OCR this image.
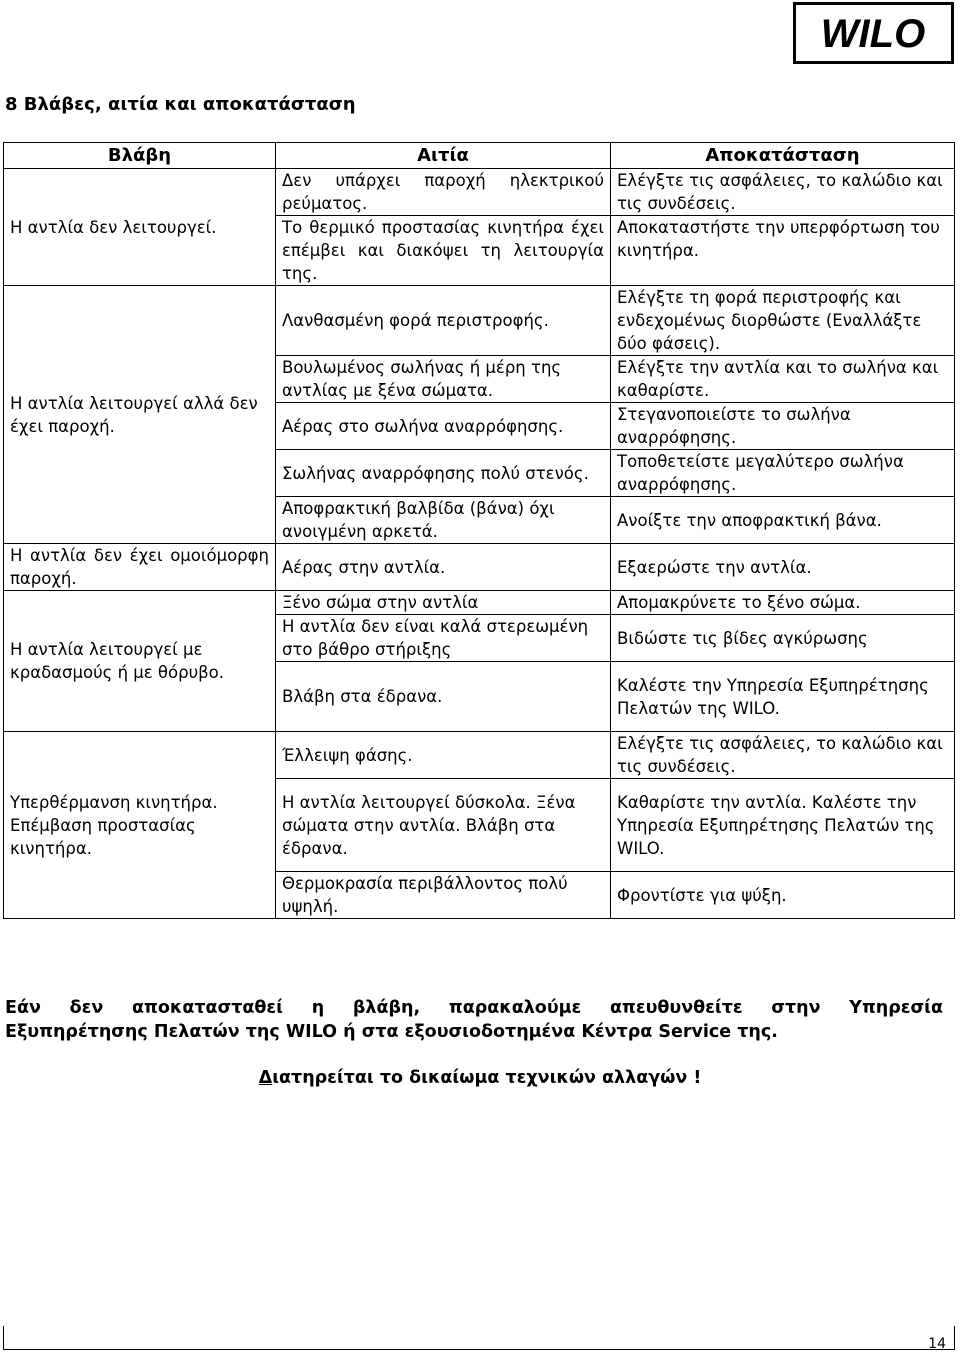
WILO
8 Βλάβες, αιτία και αποκατάσταση
Βλάβη	Αιτία	Αποκατάσταση
Η αντλία δεν λειτουργεί.	Δεν υπάρχει παροχή ηλεκτρικού ρεύματος.	Ελέγξτε τις ασφάλειες, το καλώδιο και τις συνδέσεις.
	Το θερμικό προστασίας κινητήρα έχει επέμβει και διακόψει τη λειτουργία της.	Αποκαταστήστε την υπερφόρτωση του κινητήρα.
Η αντλία λειτουργεί αλλά δεν έχει παροχή.	Λανθασμένη φορά περιστροφής.	Ελέγξτε τη φορά περιστροφής και ενδεχομένως διορθώστε (Εναλλάξτε δύο φάσεις).
	Βουλωμένος σωλήνας ή μέρη της αντλίας με ξένα σώματα.	Ελέγξτε την αντλία και το σωλήνα και καθαρίστε.
	Αέρας στο σωλήνα αναρρόφησης.	Στεγανοποιείστε το σωλήνα αναρρόφησης.
	Σωλήνας αναρρόφησης πολύ στενός.	Τοποθετείστε μεγαλύτερο σωλήνα αναρρόφησης.
	Αποφρακτική βαλβίδα (βάνα) όχι ανοιγμένη αρκετά.	Ανοίξτε την αποφρακτική βάνα.
Η αντλία δεν έχει ομοιόμορφη παροχή.	Αέρας στην αντλία.	Εξαερώστε την αντλία.
Η αντλία λειτουργεί με κραδασμούς ή με θόρυβο.	Ξένο σώμα στην αντλία	Απομακρύνετε το ξένο σώμα.
	Η αντλία δεν είναι καλά στερεωμένη στο βάθρο στήριξης	Βιδώστε τις βίδες αγκύρωσης
	Βλάβη στα έδρανα.	Καλέστε την Υπηρεσία Εξυπηρέτησης Πελατών της WILO.
Υπερθέρμανση κινητήρα. Επέμβαση προστασίας κινητήρα.	Έλλειψη φάσης.	Ελέγξτε τις ασφάλειες, το καλώδιο και τις συνδέσεις.
	Η αντλία λειτουργεί δύσκολα. Ξένα σώματα στην αντλία. Βλάβη στα έδρανα.	Καθαρίστε την αντλία. Καλέστε την Υπηρεσία Εξυπηρέτησης Πελατών της WILO.
	Θερμοκρασία περιβάλλοντος πολύ υψηλή.	Φροντίστε για ψύξη.
Εάν δεν αποκατασταθεί η βλάβη, παρακαλούμε απευθυνθείτε στην Υπηρεσία
Εξυπηρέτησης Πελατών της WILO ή στα εξουσιοδοτημένα Κέντρα Service της.
Διατηρείται το δικαίωμα τεχνικών αλλαγών !
14
